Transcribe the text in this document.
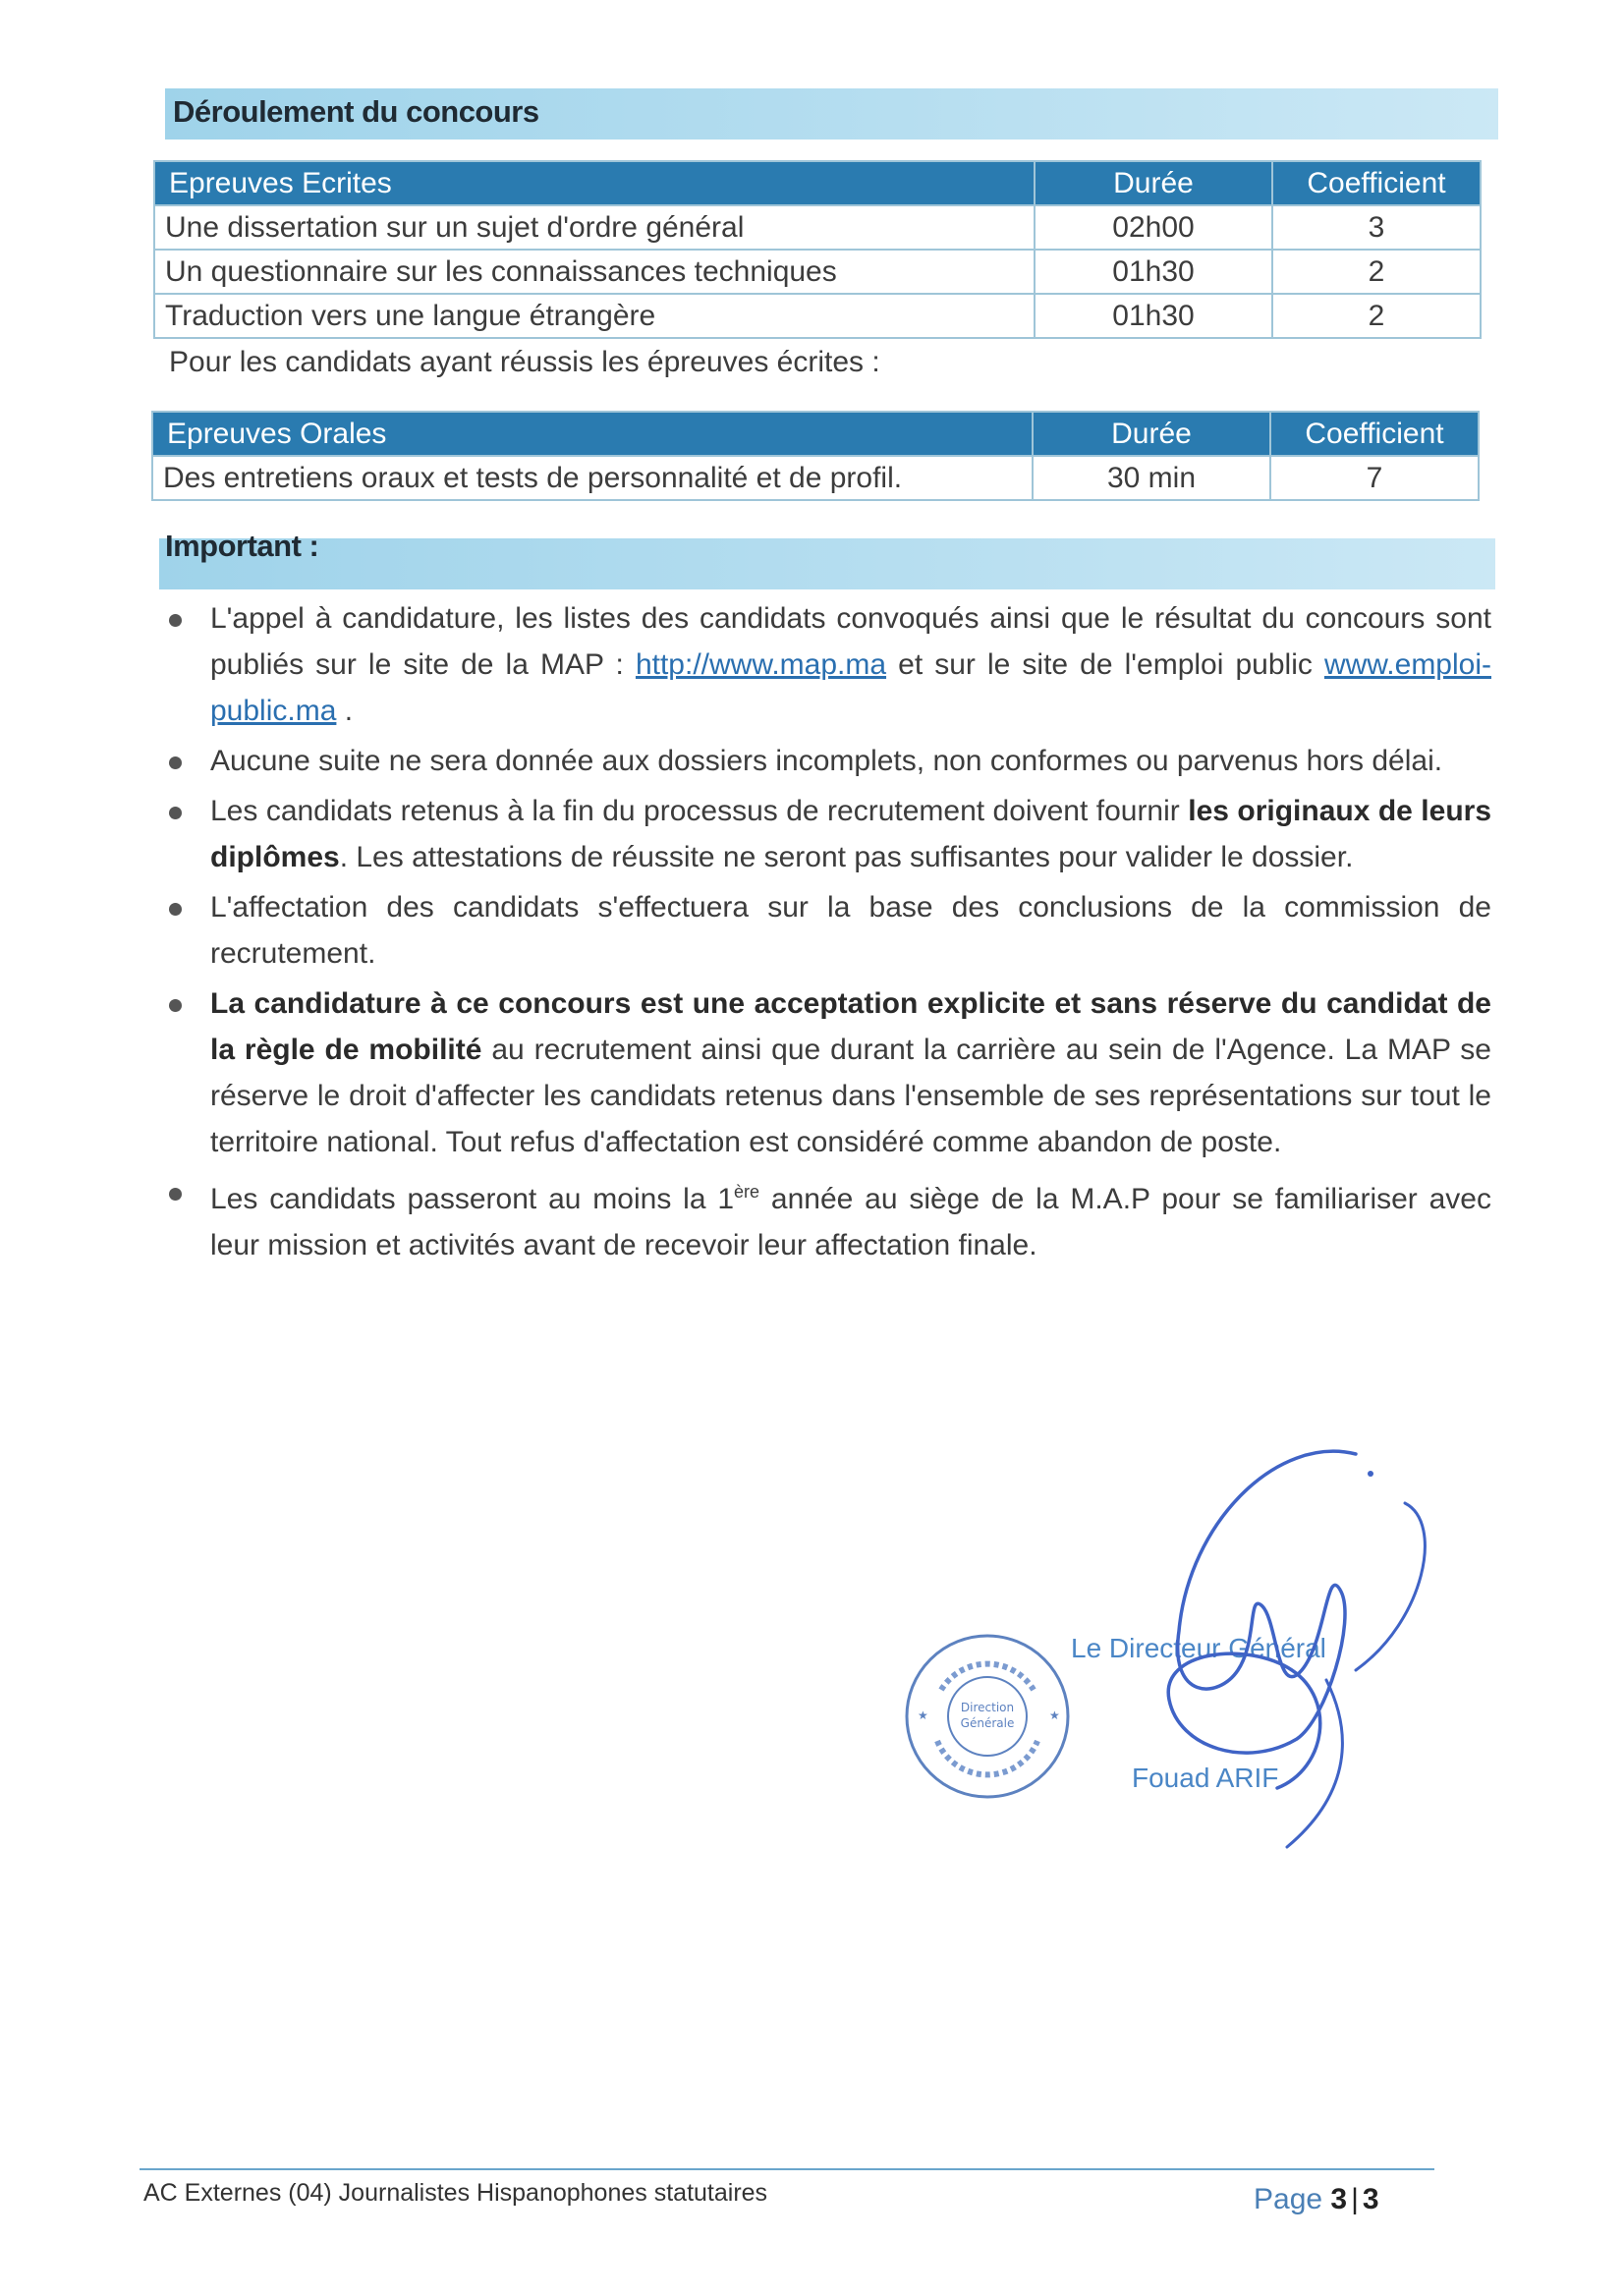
Déroulement du concours
Epreuves Ecrites	Durée	Coefficient
Une dissertation sur un sujet d'ordre général	02h00	3
Un questionnaire sur les connaissances techniques	01h30	2
Traduction vers une langue étrangère	01h30	2
Pour les candidats ayant réussis les épreuves écrites :
Epreuves Orales	Durée	Coefficient
Des entretiens oraux et tests de personnalité et de profil.	30 min	7
Important :
L'appel à candidature, les listes des candidats convoqués ainsi que le résultat du concours sont publiés sur le site de la MAP : http://www.map.ma et sur le site de l'emploi public www.emploi-public.ma .
Aucune suite ne sera donnée aux dossiers incomplets, non conformes ou parvenus hors délai.
Les candidats retenus à la fin du processus de recrutement doivent fournir les originaux de leurs diplômes. Les attestations de réussite ne seront pas suffisantes pour valider le dossier.
L'affectation des candidats s'effectuera sur la base des conclusions de la commission de recrutement.
La candidature à ce concours est une acceptation explicite et sans réserve du candidat de la règle de mobilité au recrutement ainsi que durant la carrière au sein de l'Agence. La MAP se réserve le droit d'affecter les candidats retenus dans l'ensemble de ses représentations sur tout le territoire national. Tout refus d'affectation est considéré comme abandon de poste.
Les candidats passeront au moins la 1ère année au siège de la M.A.P pour se familiariser avec leur mission et activités avant de recevoir leur affectation finale.
Direction
Générale
★	★
Le Directeur Général
Fouad ARIF
AC Externes (04) Journalistes Hispanophones statutaires	Page 3 | 3
